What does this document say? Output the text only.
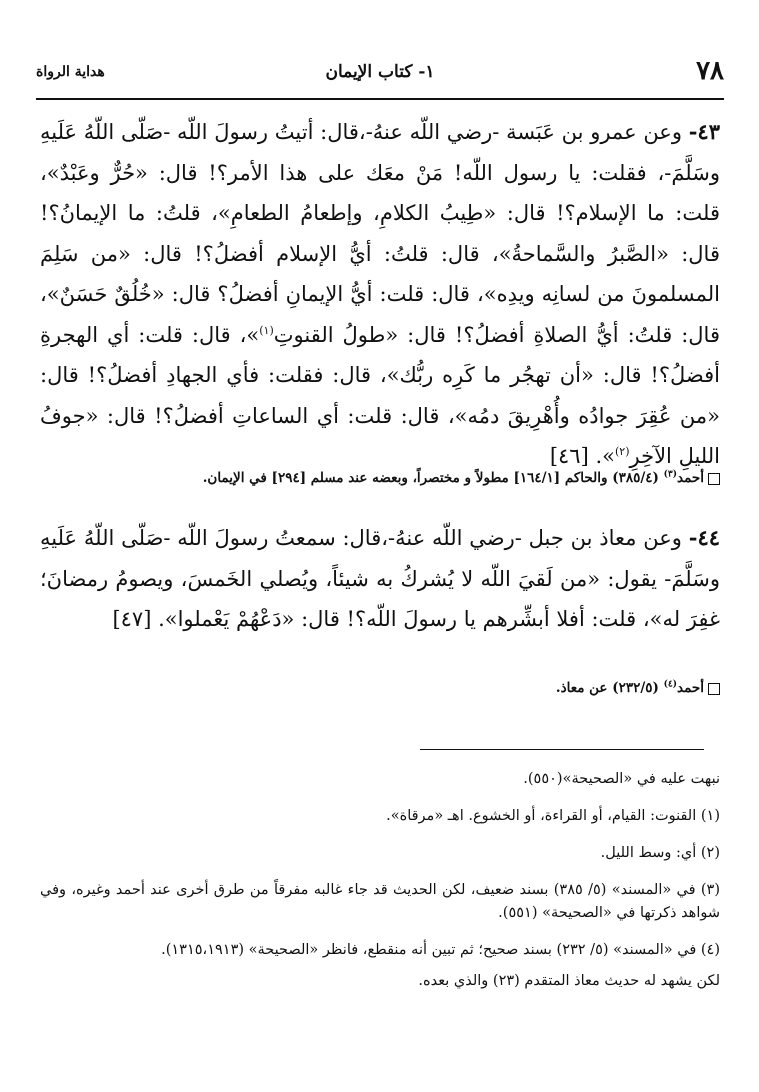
٧٨
١- كتاب الإيمان
هداية الرواة
٤٣- وعن عمرو بن عَبَسة -رضي اللّه عنهُ-،قال: أتيتُ رسولَ اللّه -صَلّى اللّهُ عَلَيهِ وسَلَّمَ-، فقلت: يا رسول اللّه! مَنْ معَك على هذا الأمر؟! قال: «حُرٌّ وعَبْدٌ»، قلت: ما الإسلام؟! قال: «طِيبُ الكلامِ، وإطعامُ الطعامِ»، قلتُ: ما الإيمانُ؟! قال: «الصَّبرُ والسَّماحةُ»، قال: قلتُ: أيُّ الإسلام أفضلُ؟! قال: «من سَلِمَ المسلمونَ من لسانِه ويدِه»، قال: قلت: أيُّ الإيمانِ أفضلُ؟ قال: «خُلُقٌ حَسَنٌ»، قال: قلتُ: أيُّ الصلاةِ أفضلُ؟! قال: «طولُ القنوتِ$^{(١)}$»، قال: قلت: أي الهجرةِ أفضلُ؟! قال: «أن تهجُر ما كَرِه ربُّك»، قال: فقلت: فأي الجهادِ أفضلُ؟! قال: «من عُقِرَ جوادُه وأُهْرِيقَ دمُه»، قال: قلت: أي الساعاتِ أفضلُ؟! قال: «جوفُ الليلِ الآخِرِ$^{(٢)}$». [٤٦]
أحمد$^{(٣)}$ (٣٨٥/٤) والحاكم [١٦٤/١] مطولاً و مختصراً، وبعضه عند مسلم [٢٩٤] في الإيمان.
٤٤- وعن معاذ بن جبل -رضي اللّه عنهُ-،قال: سمعتُ رسولَ اللّه -صَلّى اللّهُ عَلَيهِ وسَلَّمَ- يقول: «من لَقيَ اللّه لا يُشركُ به شيئاً، ويُصلي الخَمسَ، ويصومُ رمضانَ؛ غفِرَ له»، قلت: أفلا أبشِّرهم يا رسولَ اللّه؟! قال: «دَعْهُمْ يَعْملوا». [٤٧]
أحمد$^{(٤)}$ (٢٣٢/٥) عن معاذ.
نبهت عليه في «الصحيحة»(٥٥٠).
(١) القنوت: القيام، أو القراءة، أو الخشوع. اهـ «مرقاة».
(٢) أي: وسط الليل.
(٣) في «المسند» (٥/ ٣٨٥) بسند ضعيف، لكن الحديث قد جاء غالبه مفرقاً من طرق أخرى عند أحمد وغيره، وفي شواهد ذكرتها في «الصحيحة» (٥٥١).
(٤) في «المسند» (٥/ ٢٣٢) بسند صحيح؛ ثم تبين أنه منقطع، فانظر «الصحيحة» (١٣١٥،١٩١٣).
لكن يشهد له حديث معاذ المتقدم (٢٣) والذي بعده.
